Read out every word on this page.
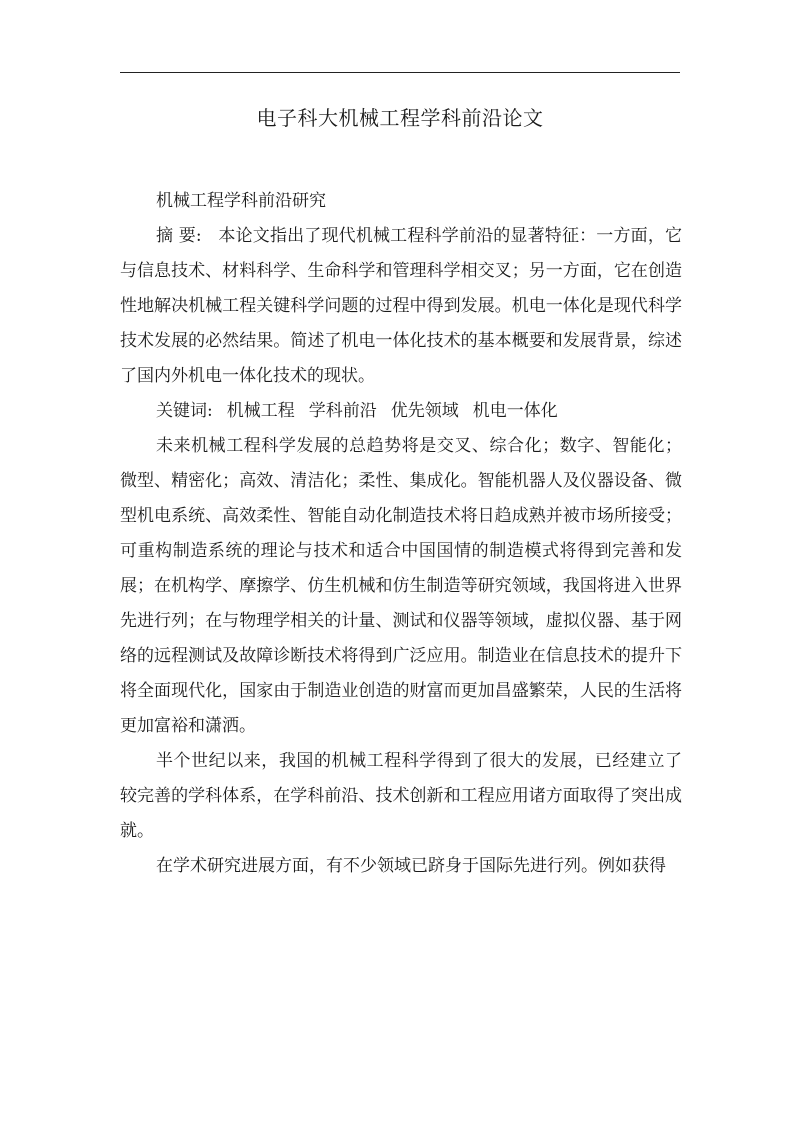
电子科大机械工程学科前沿论文

机械工程学科前沿研究

摘 要: 本论文指出了现代机械工程科学前沿的显著特征：一方面，它与信息技术、材料科学、生命科学和管理科学相交叉；另一方面，它在创造性地解决机械工程关键科学问题的过程中得到发展。机电一体化是现代科学技术发展的必然结果。简述了机电一体化技术的基本概要和发展背景，综述了国内外机电一体化技术的现状。

关键词: 机械工程 学科前沿 优先领域 机电一体化

未来机械工程科学发展的总趋势将是交叉、综合化；数字、智能化；微型、精密化；高效、清洁化；柔性、集成化。智能机器人及仪器设备、微型机电系统、高效柔性、智能自动化制造技术将日趋成熟并被市场所接受；可重构制造系统的理论与技术和适合中国国情的制造模式将得到完善和发展；在机构学、摩擦学、仿生机械和仿生制造等研究领域，我国将进入世界先进行列；在与物理学相关的计量、测试和仪器等领域，虚拟仪器、基于网络的远程测试及故障诊断技术将得到广泛应用。制造业在信息技术的提升下将全面现代化，国家由于制造业创造的财富而更加昌盛繁荣，人民的生活将更加富裕和潇洒。

半个世纪以来，我国的机械工程科学得到了很大的发展，已经建立了较完善的学科体系，在学科前沿、技术创新和工程应用诸方面取得了突出成就。

在学术研究进展方面，有不少领域已跻身于国际先进行列。例如获得
